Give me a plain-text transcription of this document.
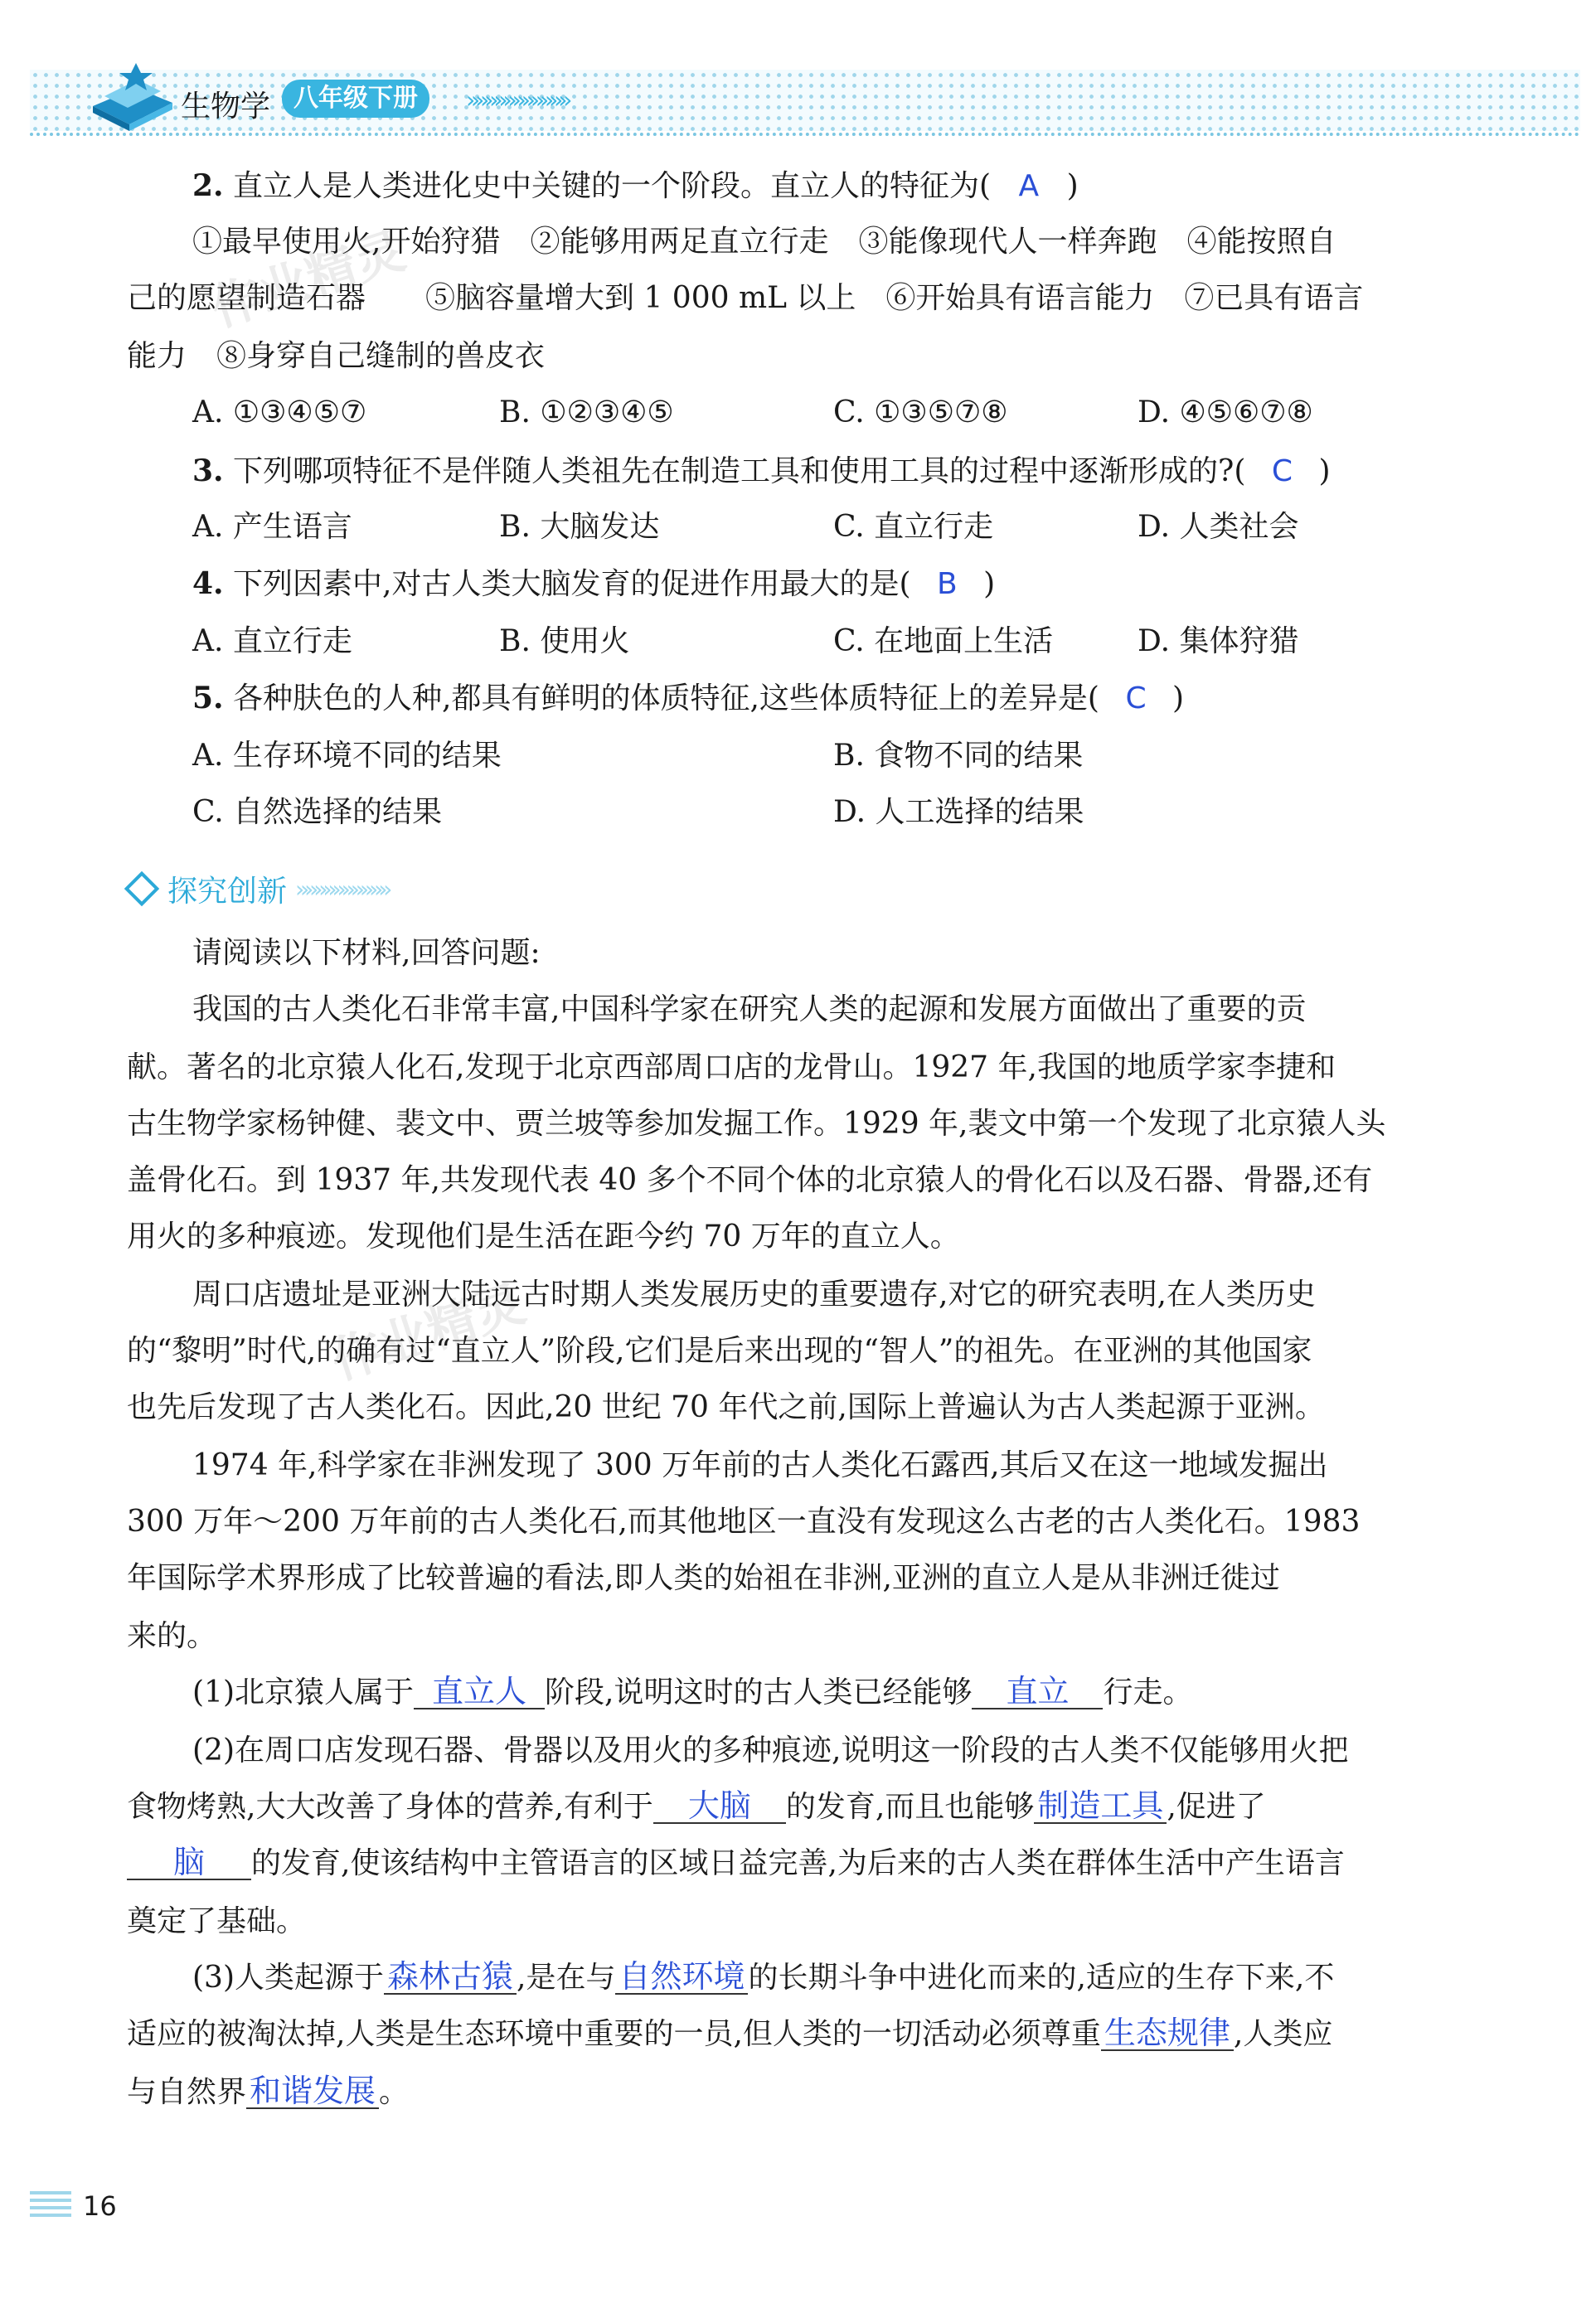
生物学 八年级下册	»»»»»»»»»»»
作业精灵
作业精灵
2. 直立人是人类进化史中关键的一个阶段。直立人的特征为( A )
①最早使用火,开始狩猎　②能够用两足直立行走　③能像现代人一样奔跑　④能按照自
己的愿望制造石器　　⑤脑容量增大到 1 000 mL 以上　⑥开始具有语言能力　⑦已具有语言
能力　⑧身穿自己缝制的兽皮衣
A. ①③④⑤⑦	B. ①②③④⑤	C. ①③⑤⑦⑧	D. ④⑤⑥⑦⑧
3. 下列哪项特征不是伴随人类祖先在制造工具和使用工具的过程中逐渐形成的?( C )
A. 产生语言	B. 大脑发达	C. 直立行走	D. 人类社会
4. 下列因素中,对古人类大脑发育的促进作用最大的是( B )
A. 直立行走	B. 使用火	C. 在地面上生活	D. 集体狩猎
5. 各种肤色的人种,都具有鲜明的体质特征,这些体质特征上的差异是( C )
A. 生存环境不同的结果	B. 食物不同的结果
C. 自然选择的结果	D. 人工选择的结果
探究创新 »»»»»»»»»»
请阅读以下材料,回答问题:
我国的古人类化石非常丰富,中国科学家在研究人类的起源和发展方面做出了重要的贡
献。著名的北京猿人化石,发现于北京西部周口店的龙骨山。1927 年,我国的地质学家李捷和
古生物学家杨钟健、裴文中、贾兰坡等参加发掘工作。1929 年,裴文中第一个发现了北京猿人头
盖骨化石。到 1937 年,共发现代表 40 多个不同个体的北京猿人的骨化石以及石器、骨器,还有
用火的多种痕迹。发现他们是生活在距今约 70 万年的直立人。
周口店遗址是亚洲大陆远古时期人类发展历史的重要遗存,对它的研究表明,在人类历史
的“黎明”时代,的确有过“直立人”阶段,它们是后来出现的“智人”的祖先。在亚洲的其他国家
也先后发现了古人类化石。因此,20 世纪 70 年代之前,国际上普遍认为古人类起源于亚洲。
1974 年,科学家在非洲发现了 300 万年前的古人类化石露西,其后又在这一地域发掘出
300 万年～200 万年前的古人类化石,而其他地区一直没有发现这么古老的古人类化石。1983
年国际学术界形成了比较普遍的看法,即人类的始祖在非洲,亚洲的直立人是从非洲迁徙过
来的。
(1)北京猿人属于 直立人 阶段,说明这时的古人类已经能够 直立 行走。
(2)在周口店发现石器、骨器以及用火的多种痕迹,说明这一阶段的古人类不仅能够用火把
食物烤熟,大大改善了身体的营养,有利于 大脑 的发育,而且也能够 制造工具 ,促进了
脑 的发育,使该结构中主管语言的区域日益完善,为后来的古人类在群体生活中产生语言
奠定了基础。
(3)人类起源于 森林古猿 ,是在与 自然环境 的长期斗争中进化而来的,适应的生存下来,不
适应的被淘汰掉,人类是生态环境中重要的一员,但人类的一切活动必须尊重 生态规律 ,人类应
与自然界 和谐发展 。
16
